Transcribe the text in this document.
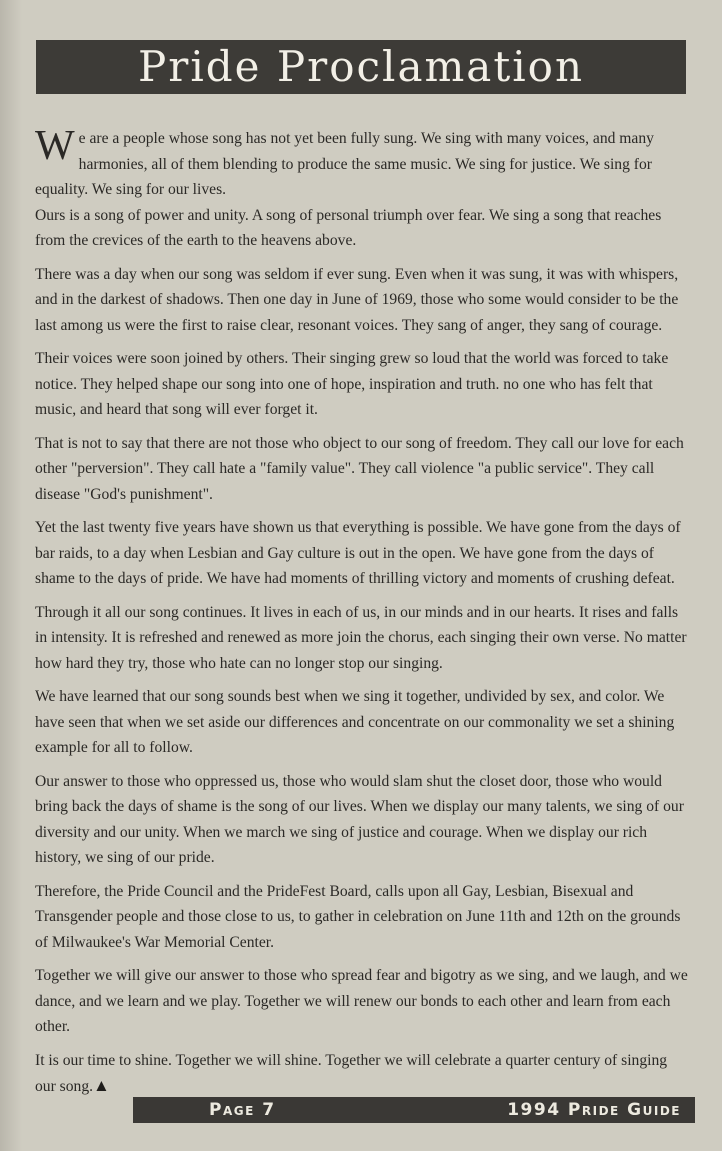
Pride Proclamation

We are a people whose song has not yet been fully sung. We sing with many voices, and many harmonies, all of them blending to produce the same music. We sing for justice. We sing for equality. We sing for our lives.

Ours is a song of power and unity. A song of personal triumph over fear. We sing a song that reaches from the crevices of the earth to the heavens above.

There was a day when our song was seldom if ever sung. Even when it was sung, it was with whispers, and in the darkest of shadows. Then one day in June of 1969, those who some would consider to be the last among us were the first to raise clear, resonant voices. They sang of anger, they sang of courage.

Their voices were soon joined by others. Their singing grew so loud that the world was forced to take notice. They helped shape our song into one of hope, inspiration and truth. no one who has felt that music, and heard that song will ever forget it.

That is not to say that there are not those who object to our song of freedom. They call our love for each other "perversion". They call hate a "family value". They call violence "a public service". They call disease "God's punishment".

Yet the last twenty five years have shown us that everything is possible. We have gone from the days of bar raids, to a day when Lesbian and Gay culture is out in the open. We have gone from the days of shame to the days of pride. We have had moments of thrilling victory and moments of crushing defeat.

Through it all our song continues. It lives in each of us, in our minds and in our hearts. It rises and falls in intensity. It is refreshed and renewed as more join the chorus, each singing their own verse. No matter how hard they try, those who hate can no longer stop our singing.

We have learned that our song sounds best when we sing it together, undivided by sex, and color. We have seen that when we set aside our differences and concentrate on our commonality we set a shining example for all to follow.

Our answer to those who oppressed us, those who would slam shut the closet door, those who would bring back the days of shame is the song of our lives. When we display our many talents, we sing of our diversity and our unity. When we march we sing of justice and courage. When we display our rich history, we sing of our pride.

Therefore, the Pride Council and the PrideFest Board, calls upon all Gay, Lesbian, Bisexual and Transgender people and those close to us, to gather in celebration on June 11th and 12th on the grounds of Milwaukee's War Memorial Center.

Together we will give our answer to those who spread fear and bigotry as we sing, and we laugh, and we dance, and we learn and we play. Together we will renew our bonds to each other and learn from each other.

It is our time to shine. Together we will shine. Together we will celebrate a quarter century of singing our song.▲

Page 7	1994 Pride Guide
